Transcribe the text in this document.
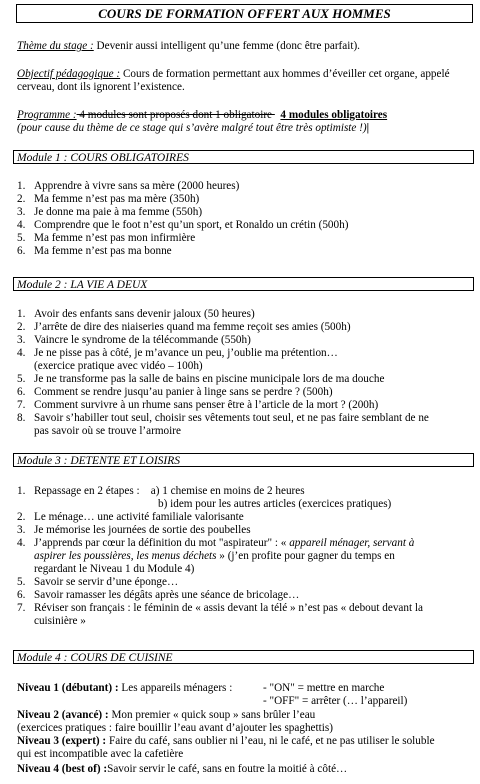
COURS DE FORMATION OFFERT AUX HOMMES
Thème du stage : Devenir aussi intelligent qu’une femme (donc être parfait).
Objectif pédagogique : Cours de formation permettant aux hommes d’éveiller cet organe, appelé cerveau, dont ils ignorent l’existence.
Programme : 4 modules sont proposés dont 1 obligatoire   4 modules obligatoires
(pour cause du thème de ce stage qui s’avère malgré tout être très optimiste !)|
Module 1 : COURS OBLIGATOIRES
1. Apprendre à vivre sans sa mère (2000 heures)
2. Ma femme n’est pas ma mère (350h)
3. Je donne ma paie à ma femme (550h)
4. Comprendre que le foot n’est qu’un sport, et Ronaldo un crétin (500h)
5. Ma femme n’est pas mon infirmière
6. Ma femme n’est pas ma bonne
Module 2 : LA VIE A DEUX
1. Avoir des enfants sans devenir jaloux (50 heures)
2. J’arrête de dire des niaiseries quand ma femme reçoit ses amies (500h)
3. Vaincre le syndrome de la télécommande (550h)
4. Je ne pisse pas à côté, je m’avance un peu, j’oublie ma prétention…
(exercice pratique avec vidéo – 100h)
5. Je ne transforme pas la salle de bains en piscine municipale lors de ma douche
6. Comment se rendre jusqu’au panier à linge sans se perdre ? (500h)
7. Comment survivre à un rhume sans penser être à l’article de la mort ? (200h)
8. Savoir s’habiller tout seul, choisir ses vêtements tout seul, et ne pas faire semblant de ne
pas savoir où se trouve l’armoire
Module 3 : DETENTE ET LOISIRS
1. Repassage en 2 étapes :    a) 1 chemise en moins de 2 heures
b) idem pour les autres articles (exercices pratiques)
2. Le ménage… une activité familiale valorisante
3. Je mémorise les journées de sortie des poubelles
4. J’apprends par cœur la définition du mot "aspirateur" : « appareil ménager, servant à
aspirer les poussières, les menus déchets » (j’en profite pour gagner du temps en
regardant le Niveau 1 du Module 4)
5. Savoir se servir d’une éponge…
6. Savoir ramasser les dégâts après une séance de bricolage…
7. Réviser son français : le féminin de « assis devant la télé » n’est pas « debout devant la
cuisinière »
Module 4 : COURS DE CUISINE
Niveau 1 (débutant) : Les appareils ménagers :	- "ON" = mettre en marche
- "OFF" = arrêter (… l’appareil)
Niveau 2 (avancé) : Mon premier « quick soup » sans brûler l’eau
(exercices pratiques : faire bouillir l’eau avant d’ajouter les spaghettis)
Niveau 3 (expert) : Faire du café, sans oublier ni l’eau, ni le café, et ne pas utiliser le soluble
qui est incompatible avec la cafetière
Niveau 4 (best of) :Savoir servir le café, sans en foutre la moitié à côté…
